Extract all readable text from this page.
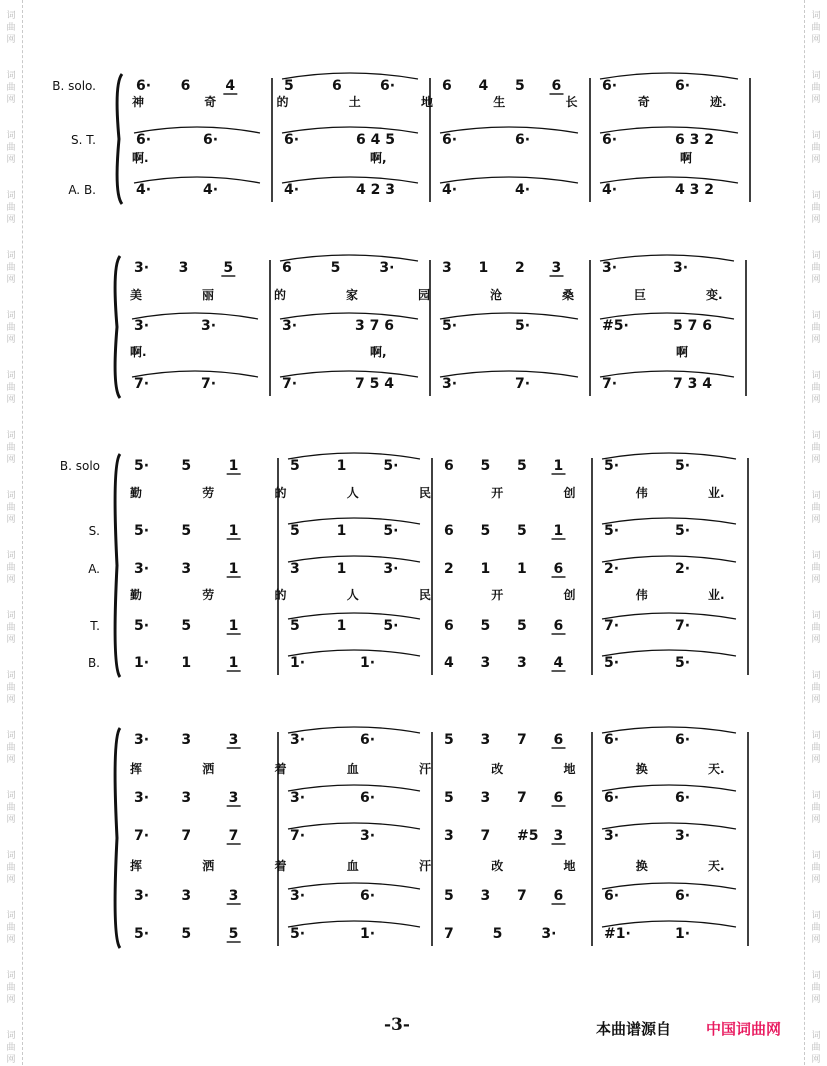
词
曲
网
词
曲
网
词
曲
网
词
曲
网
词
曲
网
词
曲
网
词
曲
网
词
曲
网
词
曲
网
词
曲
网
词
曲
网
词
曲
网
词
曲
网
词
曲
网
词
曲
网
词
曲
网
词
曲
网
词
曲
网
词
曲
网
词
曲
网
词
曲
网
词
曲
网
词
曲
网
词
曲
网
词
曲
网
词
曲
网
词
曲
网
词
曲
网
词
曲
网
词
曲
网
词
曲
网
词
曲
网
词
曲
网
词
曲
网
词
曲
网
词
曲
网
B. solo.	6· 6 4	5	6	6·	6 4 5 6	6·	6·
神	奇	的	土	地	生	长	奇	迹.
S. T.	6·	6·	6·	6 4 5	6·	6·	6·	6 3 2
啊.	啊,	啊
A. B.	4·	4·	4·	4 2 3	4·	4·	4·	4 3 2
3· 3 5	6	5	3·	3 1 2 3	3·	3·
美	丽	的	家	园	沧	桑	巨	变.
3·	3·	3·	3 7 6	5·	5·	#5·	5 7 6
啊.	啊,	啊
7·	7·	7·	7 5 4	3·	7·	7·	7 3 4
B. solo 5· 5	1	5	1	5·	6 5 5 1	5·	5·
勤	劳	的	人	民	开	创	伟	业.
S. 5· 5	1	5	1	5·	6 5 5 1	5·	5·
A. 3· 3	1	3	1	3·	2 1 1 6	2·	2·
勤	劳	的	人	民	开	创	伟	业.
T. 5· 5	1	5	1	5·	6 5 5 6	7·	7·
B. 1· 1	1	1·	1·	4 3 3 4	5·	5·
3· 3	3	3·	6·	5 3 7 6	6·	6·
挥	洒	着	血	汗	改	地	换	天.
3· 3	3	3·	6·	5 3 7 6	6·	6·
7· 7	7	7·	3·	3 7 #5 3	3·	3·
挥	洒	着	血	汗	改	地	换	天.
3· 3	3	3·	6·	5 3 7 6	6·	6·
5· 5	5	5·	1·	7	5	3·	#1·	1·
-3-	本曲谱源自 中国词曲网
